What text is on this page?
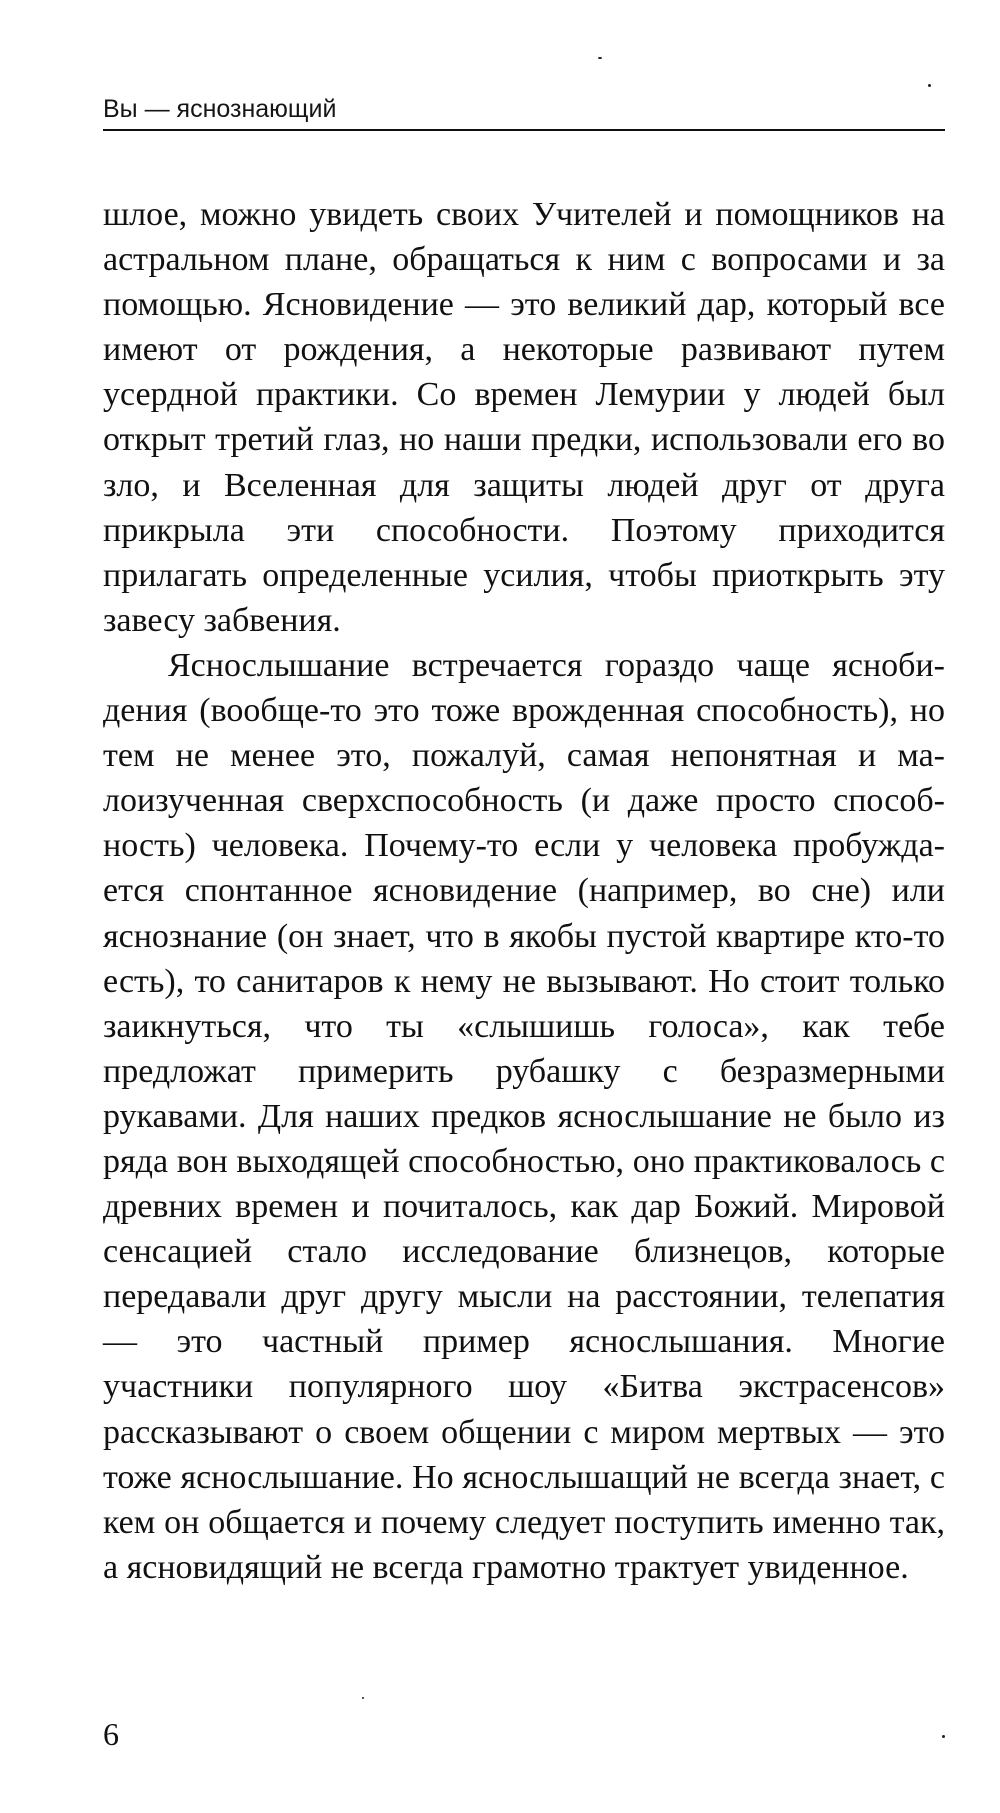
Вы — яснознающий

шлое, можно увидеть своих Учителей и помощников на астральном плане, обращаться к ним с вопросами и за помощью. Ясновидение — это великий дар, который все имеют от рождения, а некоторые развивают путем усердной практики. Со времен Лемурии у людей был открыт третий глаз, но наши предки, использовали его во зло, и Вселенная для защиты людей друг от друга прикрыла эти способности. Поэтому приходится прилагать определенные усилия, чтобы приоткрыть эту завесу забвения.

Яснослышание встречается гораздо чаще яснобидения (вообще-то это тоже врожденная способность), но тем не менее это, пожалуй, самая непонятная и малоизученная сверхспособность (и даже просто способность) человека. Почему-то если у человека пробуждается спонтанное ясновидение (например, во сне) или яснознание (он знает, что в якобы пустой квартире кто-то есть), то санитаров к нему не вызывают. Но стоит только заикнуться, что ты «слышишь голоса», как тебе предложат примерить рубашку с безразмерными рукавами. Для наших предков яснослышание не было из ряда вон выходящей способностью, оно практиковалось с древних времен и почиталось, как дар Божий. Мировой сенсацией стало исследование близнецов, которые передавали друг другу мысли на расстоянии, телепатия — это частный пример яснослышания. Многие участники популярного шоу «Битва экстрасенсов» рассказывают о своем общении с миром мертвых — это тоже яснослышание. Но яснослышащий не всегда знает, с кем он общается и почему следует поступить именно так, а ясновидящий не всегда грамотно трактует увиденное.

6
